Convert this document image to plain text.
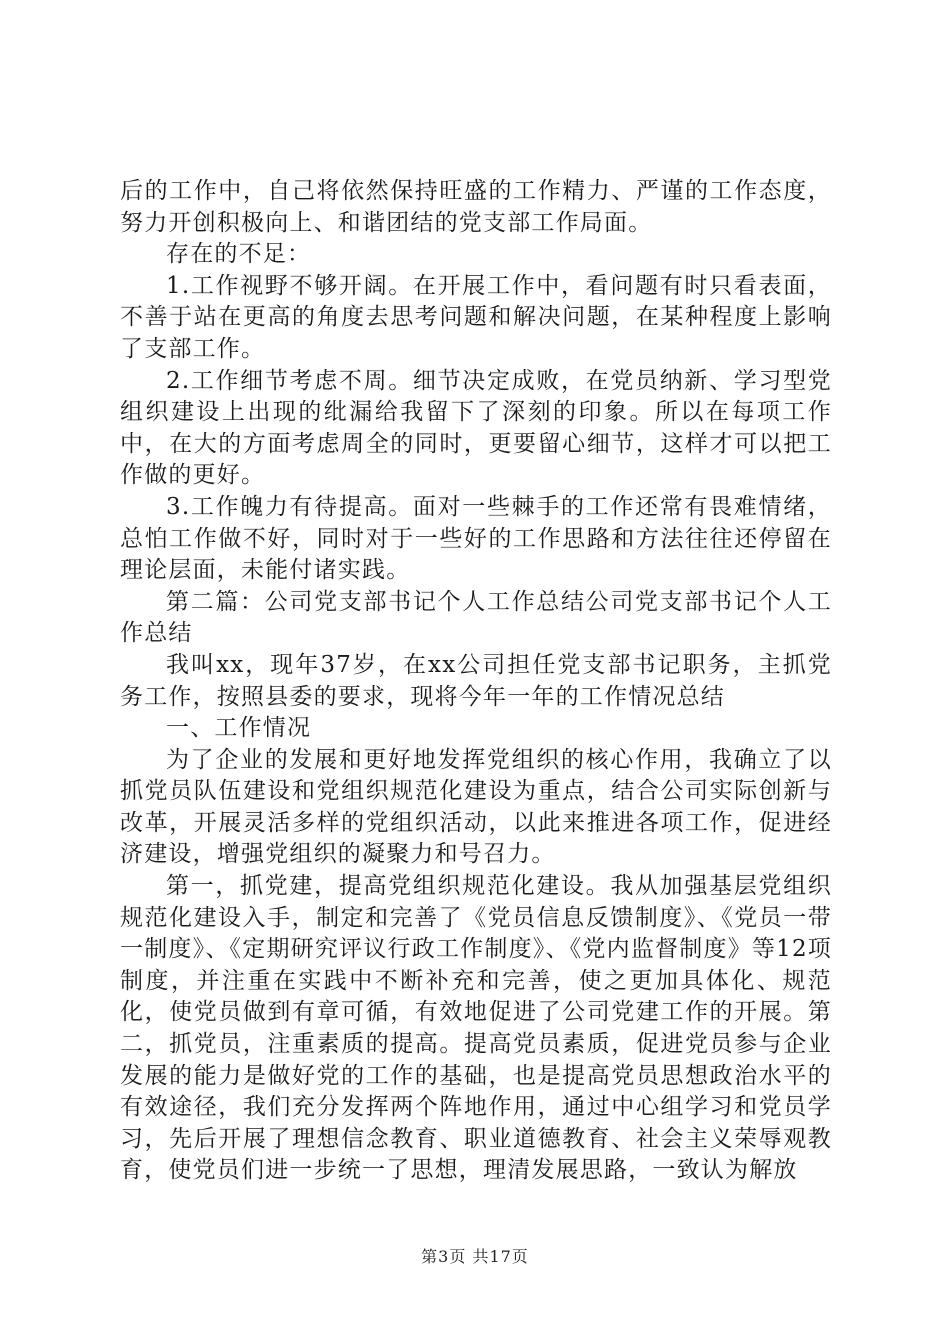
后的工作中，自己将依然保持旺盛的工作精力、严谨的工作态度，努力开创积极向上、和谐团结的党支部工作局面。

存在的不足：

1.工作视野不够开阔。在开展工作中，看问题有时只看表面，不善于站在更高的角度去思考问题和解决问题，在某种程度上影响了支部工作。

2.工作细节考虑不周。细节决定成败，在党员纳新、学习型党组织建设上出现的纰漏给我留下了深刻的印象。所以在每项工作中，在大的方面考虑周全的同时，更要留心细节，这样才可以把工作做的更好。

3.工作魄力有待提高。面对一些棘手的工作还常有畏难情绪，总怕工作做不好，同时对于一些好的工作思路和方法往往还停留在理论层面，未能付诸实践。

第二篇：公司党支部书记个人工作总结公司党支部书记个人工作总结

我叫xx，现年37岁，在xx公司担任党支部书记职务，主抓党务工作，按照县委的要求，现将今年一年的工作情况总结

一、工作情况

为了企业的发展和更好地发挥党组织的核心作用，我确立了以抓党员队伍建设和党组织规范化建设为重点，结合公司实际创新与改革，开展灵活多样的党组织活动，以此来推进各项工作，促进经济建设，增强党组织的凝聚力和号召力。

第一，抓党建，提高党组织规范化建设。我从加强基层党组织规范化建设入手，制定和完善了《党员信息反馈制度》、《党员一带一制度》、《定期研究评议行政工作制度》、《党内监督制度》等12项制度，并注重在实践中不断补充和完善，使之更加具体化、规范化，使党员做到有章可循，有效地促进了公司党建工作的开展。第二，抓党员，注重素质的提高。提高党员素质，促进党员参与企业发展的能力是做好党的工作的基础，也是提高党员思想政治水平的有效途径，我们充分发挥两个阵地作用，通过中心组学习和党员学习，先后开展了理想信念教育、职业道德教育、社会主义荣辱观教育，使党员们进一步统一了思想，理清发展思路，一致认为解放

第3页 共17页
